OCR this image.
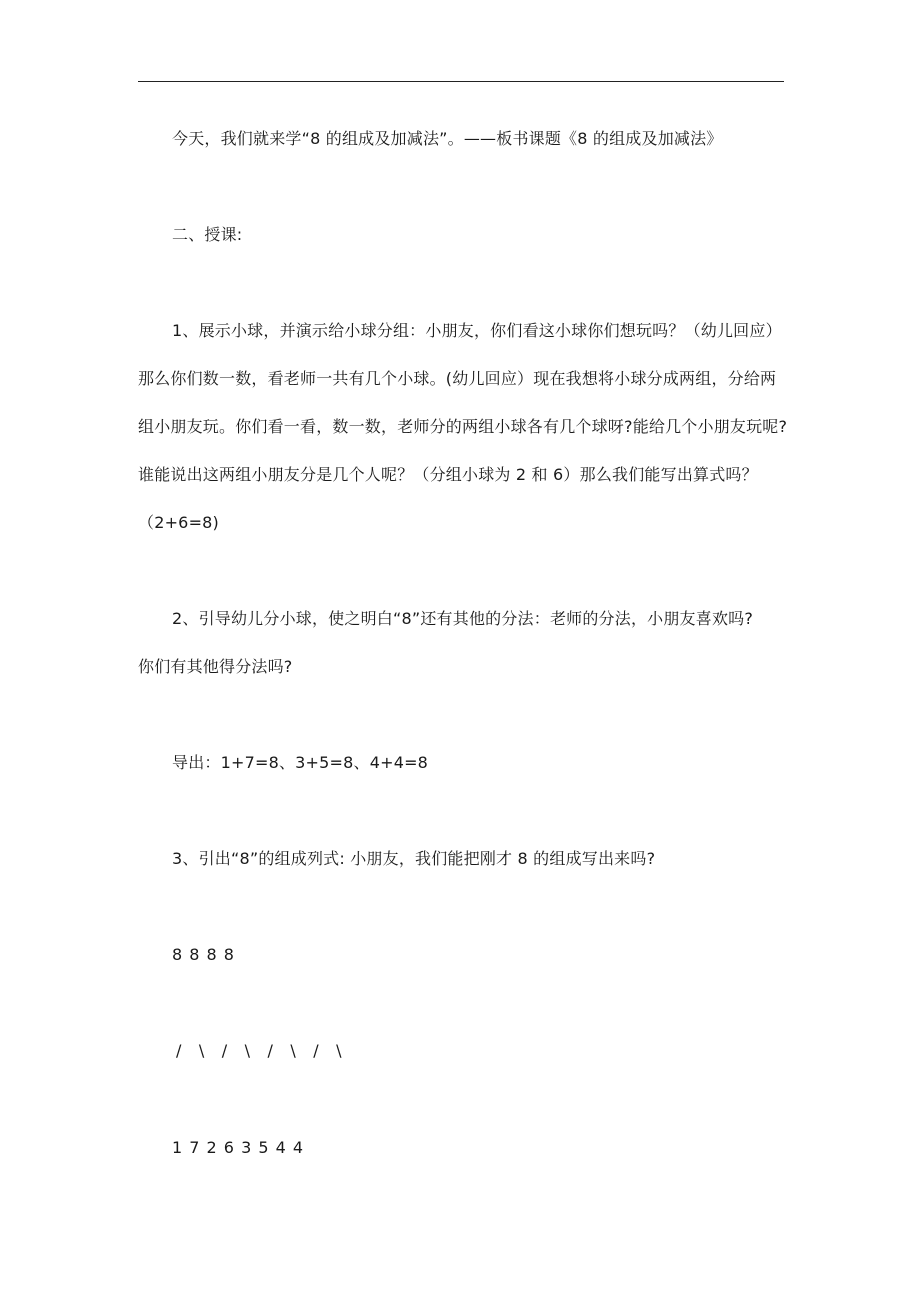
今天，我们就来学“8 的组成及加减法”。——板书课题《8 的组成及加减法》
二、授课:
1、展示小球，并演示给小球分组：小朋友，你们看这小球你们想玩吗？（幼儿回应）
那么你们数一数，看老师一共有几个小球。(幼儿回应）现在我想将小球分成两组，分给两
组小朋友玩。你们看一看，数一数，老师分的两组小球各有几个球呀?能给几个小朋友玩呢?
谁能说出这两组小朋友分是几个人呢？（分组小球为 2 和 6）那么我们能写出算式吗？
（2+6=8)
2、引导幼儿分小球，使之明白“8”还有其他的分法：老师的分法，小朋友喜欢吗?
你们有其他得分法吗?
导出：1+7=8、3+5=8、4+4=8
3、引出“8”的组成列式: 小朋友，我们能把刚才 8 的组成写出来吗?
8 8 8 8
/ \ / \ / \ / \
1 7 2 6 3 5 4 4
